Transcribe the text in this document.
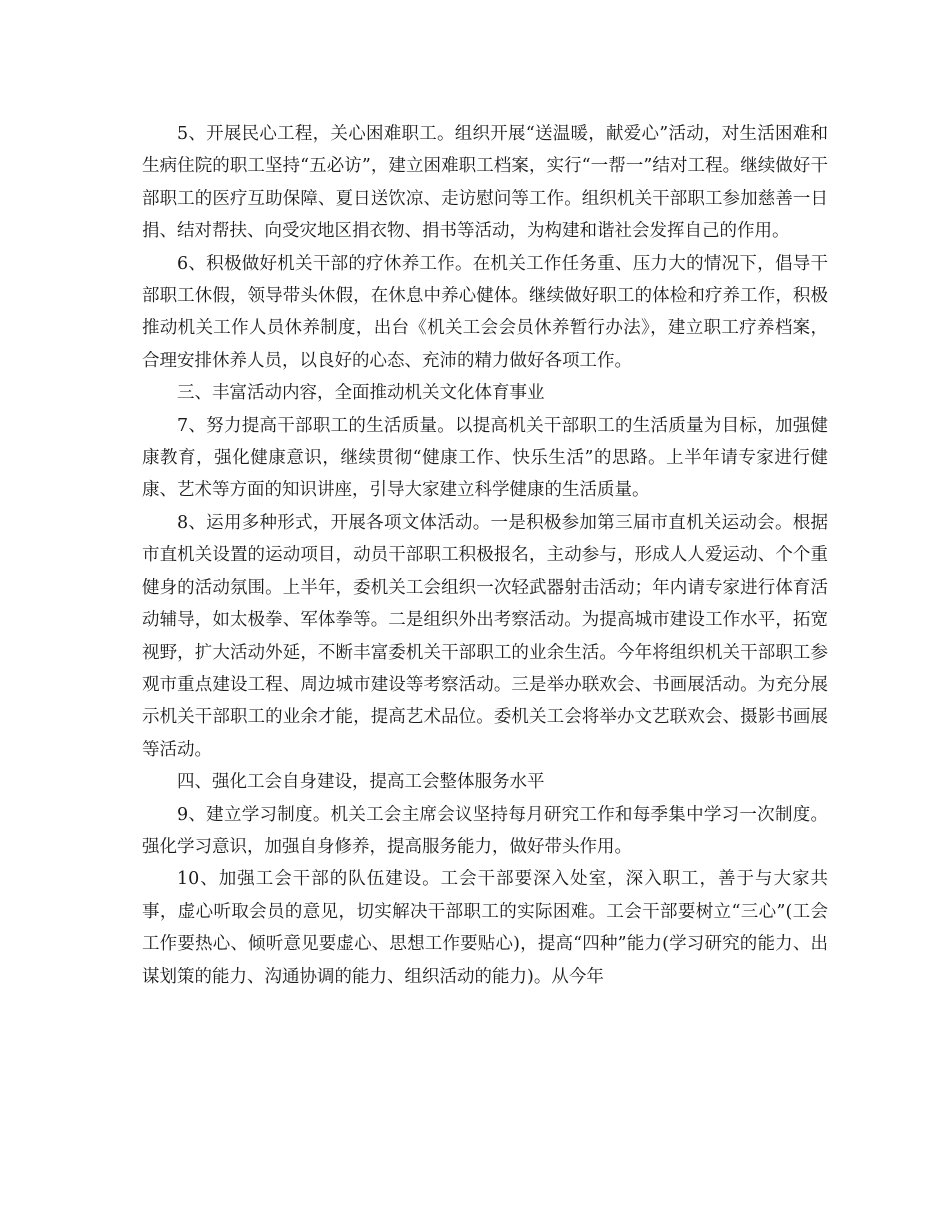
5、开展民心工程，关心困难职工。组织开展“送温暖，献爱心”活动，对生活困难和生病住院的职工坚持“五必访”，建立困难职工档案，实行“一帮一”结对工程。继续做好干部职工的医疗互助保障、夏日送饮凉、走访慰问等工作。组织机关干部职工参加慈善一日捐、结对帮扶、向受灾地区捐衣物、捐书等活动，为构建和谐社会发挥自己的作用。

6、积极做好机关干部的疗休养工作。在机关工作任务重、压力大的情况下，倡导干部职工休假，领导带头休假，在休息中养心健体。继续做好职工的体检和疗养工作，积极推动机关工作人员休养制度，出台《机关工会会员休养暂行办法》，建立职工疗养档案，合理安排休养人员，以良好的心态、充沛的精力做好各项工作。

三、丰富活动内容，全面推动机关文化体育事业

7、努力提高干部职工的生活质量。以提高机关干部职工的生活质量为目标，加强健康教育，强化健康意识，继续贯彻“健康工作、快乐生活”的思路。上半年请专家进行健康、艺术等方面的知识讲座，引导大家建立科学健康的生活质量。

8、运用多种形式，开展各项文体活动。一是积极参加第三届市直机关运动会。根据市直机关设置的运动项目，动员干部职工积极报名，主动参与，形成人人爱运动、个个重健身的活动氛围。上半年，委机关工会组织一次轻武器射击活动；年内请专家进行体育活动辅导，如太极拳、军体拳等。二是组织外出考察活动。为提高城市建设工作水平，拓宽视野，扩大活动外延，不断丰富委机关干部职工的业余生活。今年将组织机关干部职工参观市重点建设工程、周边城市建设等考察活动。三是举办联欢会、书画展活动。为充分展示机关干部职工的业余才能，提高艺术品位。委机关工会将举办文艺联欢会、摄影书画展等活动。

四、强化工会自身建设，提高工会整体服务水平

9、建立学习制度。机关工会主席会议坚持每月研究工作和每季集中学习一次制度。强化学习意识，加强自身修养，提高服务能力，做好带头作用。

10、加强工会干部的队伍建设。工会干部要深入处室，深入职工，善于与大家共事，虚心听取会员的意见，切实解决干部职工的实际困难。工会干部要树立“三心”(工会工作要热心、倾听意见要虚心、思想工作要贴心)，提高“四种”能力(学习研究的能力、出谋划策的能力、沟通协调的能力、组织活动的能力)。从今年
